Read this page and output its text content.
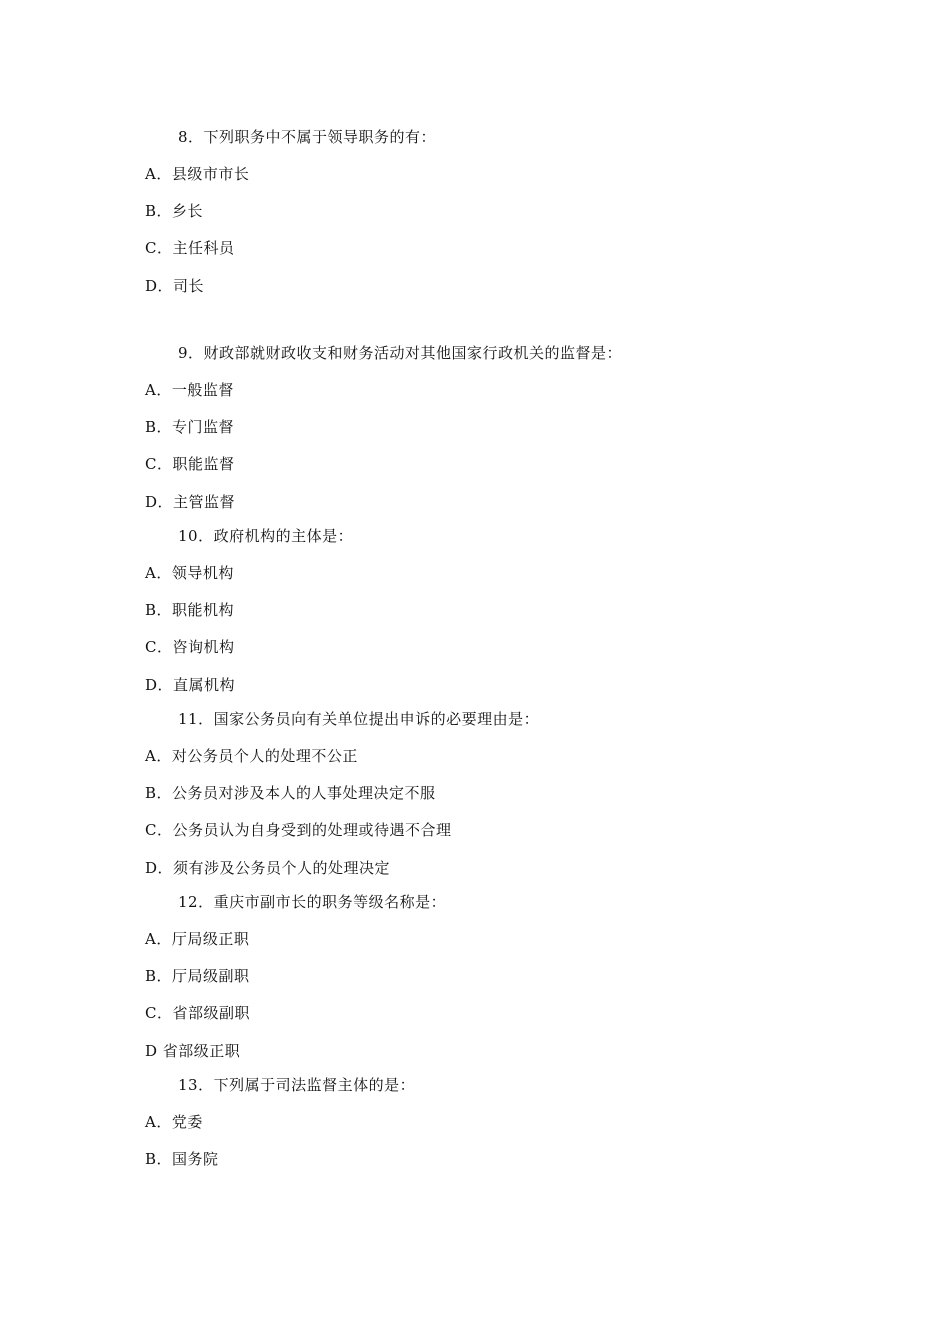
8．下列职务中不属于领导职务的有：
A．县级市市长
B．乡长
C．主任科员
D．司长
9．财政部就财政收支和财务活动对其他国家行政机关的监督是：
A．一般监督
B．专门监督
C．职能监督
D．主管监督
10．政府机构的主体是：
A．领导机构
B．职能机构
C．咨询机构
D．直属机构
11．国家公务员向有关单位提出申诉的必要理由是：
A．对公务员个人的处理不公正
B．公务员对涉及本人的人事处理决定不服
C．公务员认为自身受到的处理或待遇不合理
D．须有涉及公务员个人的处理决定
12．重庆市副市长的职务等级名称是：
A．厅局级正职
B．厅局级副职
C．省部级副职
D 省部级正职
13．下列属于司法监督主体的是：
A．党委
B．国务院
